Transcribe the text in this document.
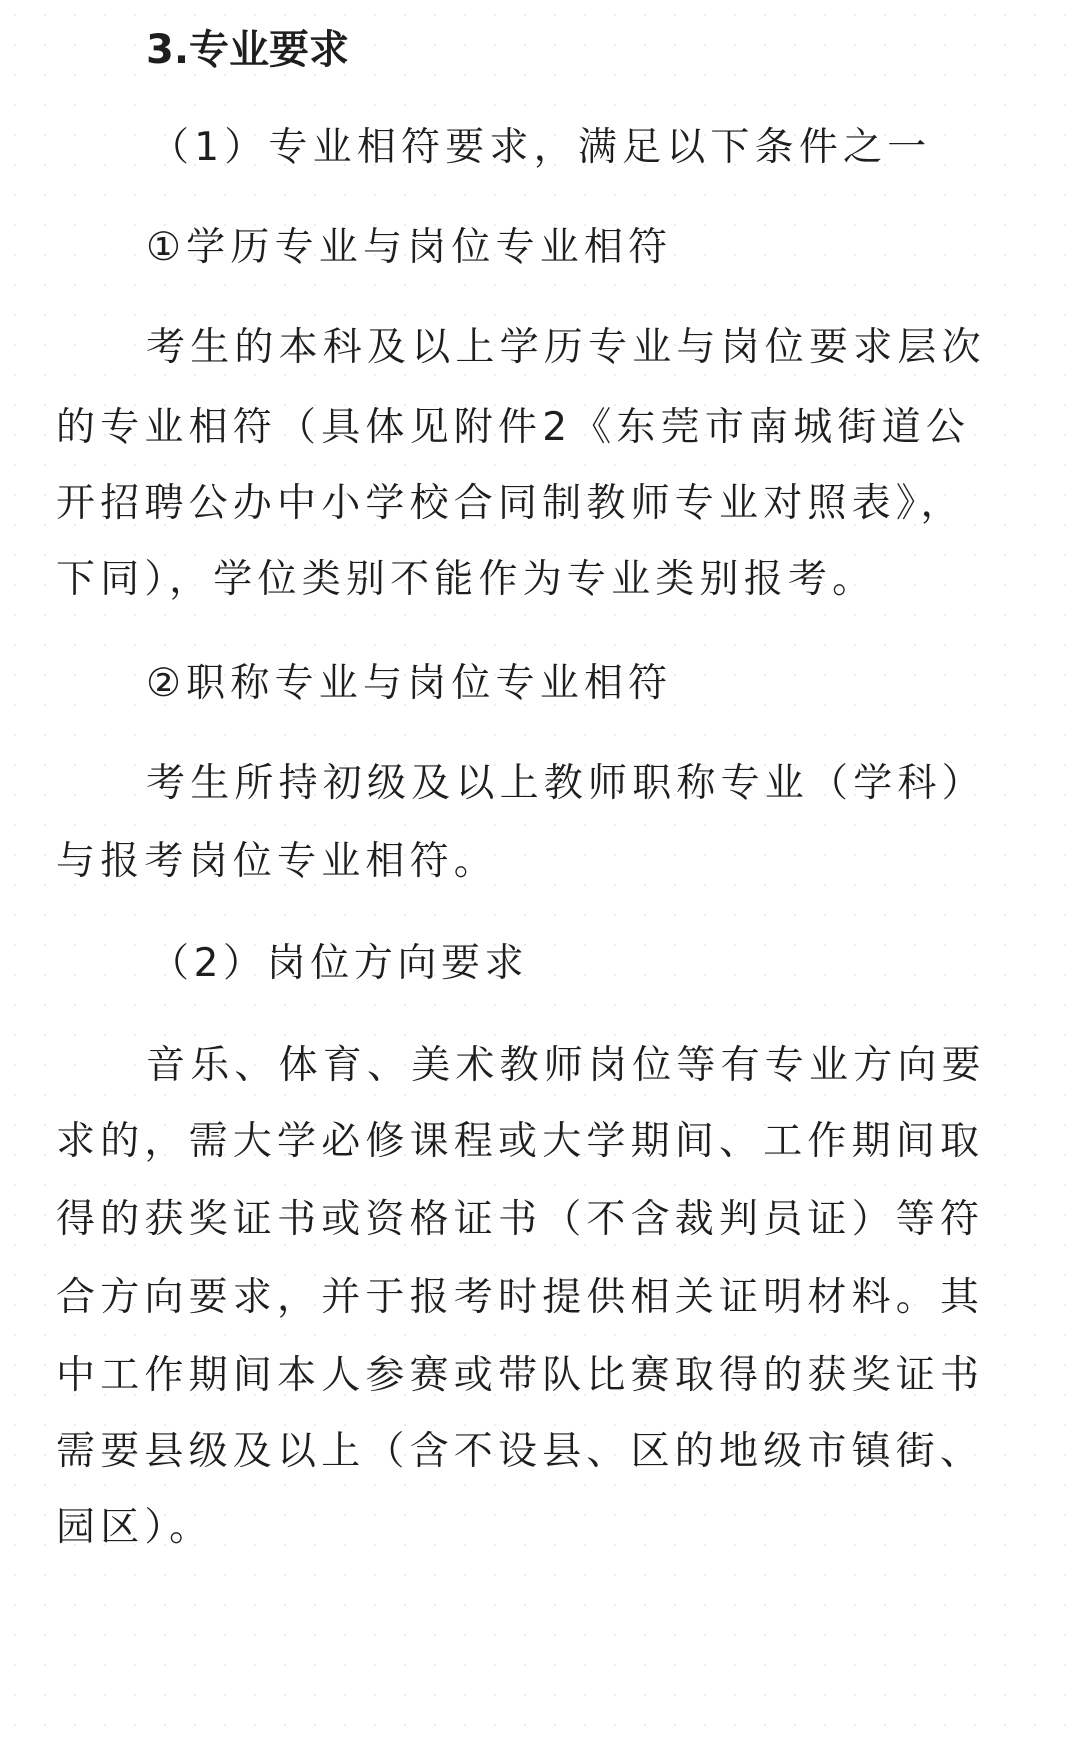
3.专业要求

（1）专业相符要求，满足以下条件之一

①学历专业与岗位专业相符

考生的本科及以上学历专业与岗位要求层次

的专业相符（具体见附件2《东莞市南城街道公

开招聘公办中小学校合同制教师专业对照表》，

下同），学位类别不能作为专业类别报考。

②职称专业与岗位专业相符

考生所持初级及以上教师职称专业（学科）

与报考岗位专业相符。

（2）岗位方向要求

音乐、体育、美术教师岗位等有专业方向要

求的，需大学必修课程或大学期间、工作期间取

得的获奖证书或资格证书（不含裁判员证）等符

合方向要求，并于报考时提供相关证明材料。其

中工作期间本人参赛或带队比赛取得的获奖证书

需要县级及以上（含不设县、区的地级市镇街、

园区）。
